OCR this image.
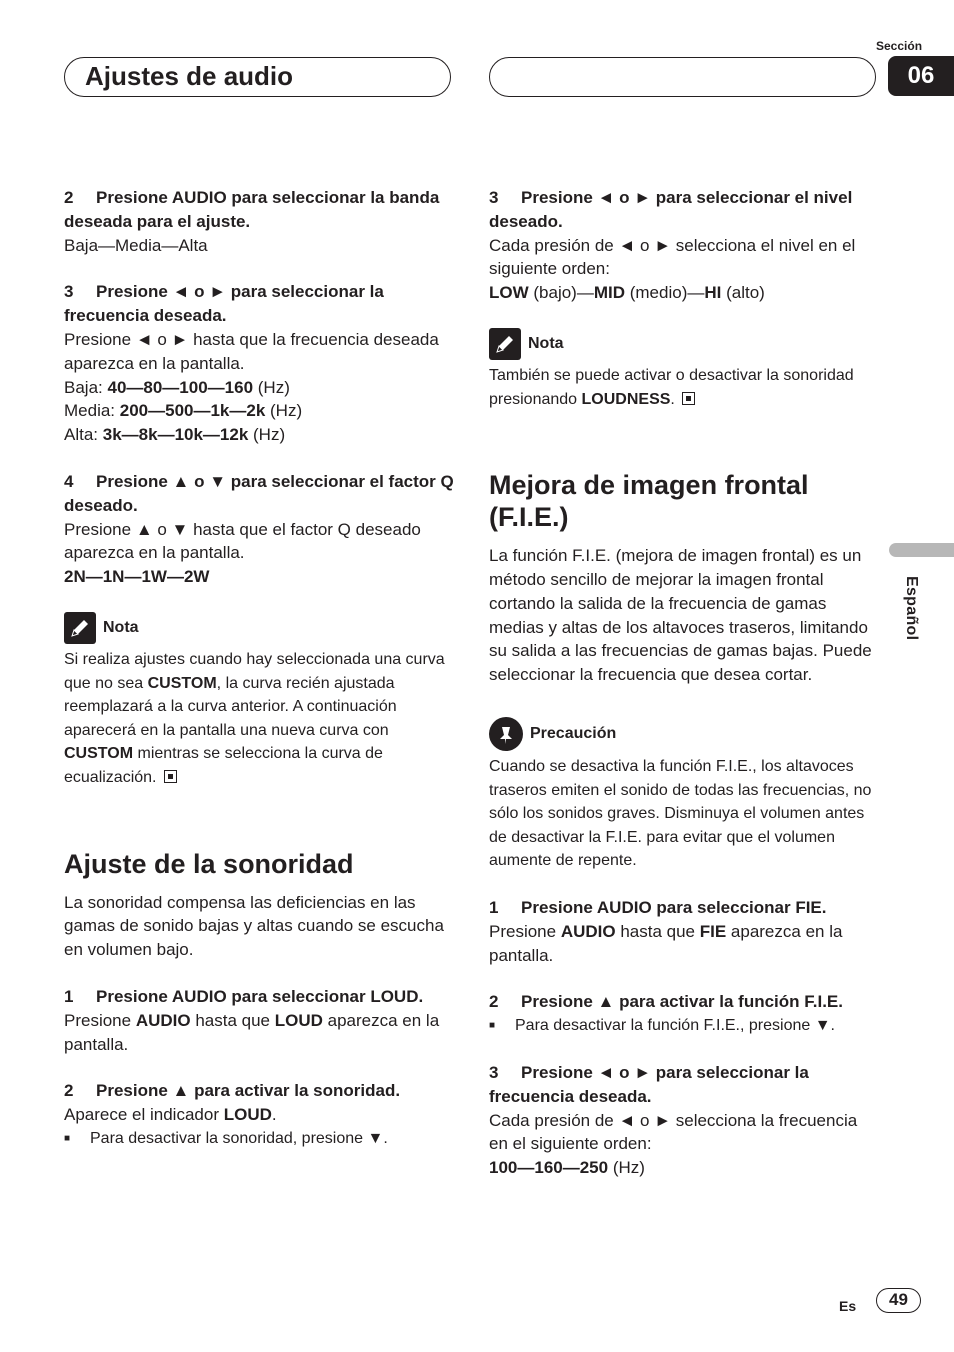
Ajustes de audio
Sección
06
Español

2 Presione AUDIO para seleccionar la banda deseada para el ajuste.

Baja—Media—Alta

3 Presione ◄ o ► para seleccionar la frecuencia deseada.

Presione ◄ o ► hasta que la frecuencia deseada aparezca en la pantalla.

Baja: 40—80—100—160 (Hz)

Media: 200—500—1k—2k (Hz)

Alta: 3k—8k—10k—12k (Hz)

4 Presione ▲ o ▼ para seleccionar el factor Q deseado.

Presione ▲ o ▼ hasta que el factor Q deseado aparezca en la pantalla.

2N—1N—1W—2W

Nota

Si realiza ajustes cuando hay seleccionada una curva que no sea CUSTOM, la curva recién ajustada reemplazará a la curva anterior. A continuación aparecerá en la pantalla una nueva curva con CUSTOM mientras se selecciona la curva de ecualización.

Ajuste de la sonoridad

La sonoridad compensa las deficiencias en las gamas de sonido bajas y altas cuando se escucha en volumen bajo.

1 Presione AUDIO para seleccionar LOUD.

Presione AUDIO hasta que LOUD aparezca en la pantalla.

2 Presione ▲ para activar la sonoridad.

Aparece el indicador LOUD.

■	Para desactivar la sonoridad, presione ▼.

3 Presione ◄ o ► para seleccionar el nivel deseado.

Cada presión de ◄ o ► selecciona el nivel en el siguiente orden:

LOW (bajo)—MID (medio)—HI (alto)

Nota

También se puede activar o desactivar la sonoridad presionando LOUDNESS.

Mejora de imagen frontal (F.I.E.)

La función F.I.E. (mejora de imagen frontal) es un método sencillo de mejorar la imagen frontal cortando la salida de la frecuencia de gamas medias y altas de los altavoces traseros, limitando su salida a las frecuencias de gamas bajas. Puede seleccionar la frecuencia que desea cortar.

Precaución

Cuando se desactiva la función F.I.E., los altavoces traseros emiten el sonido de todas las frecuencias, no sólo los sonidos graves. Disminuya el volumen antes de desactivar la F.I.E. para evitar que el volumen aumente de repente.

1 Presione AUDIO para seleccionar FIE.

Presione AUDIO hasta que FIE aparezca en la pantalla.

2 Presione ▲ para activar la función F.I.E.

■	Para desactivar la función F.I.E., presione ▼.

3 Presione ◄ o ► para seleccionar la frecuencia deseada.

Cada presión de ◄ o ► selecciona la frecuencia en el siguiente orden:

100—160—250 (Hz)

Es	49
